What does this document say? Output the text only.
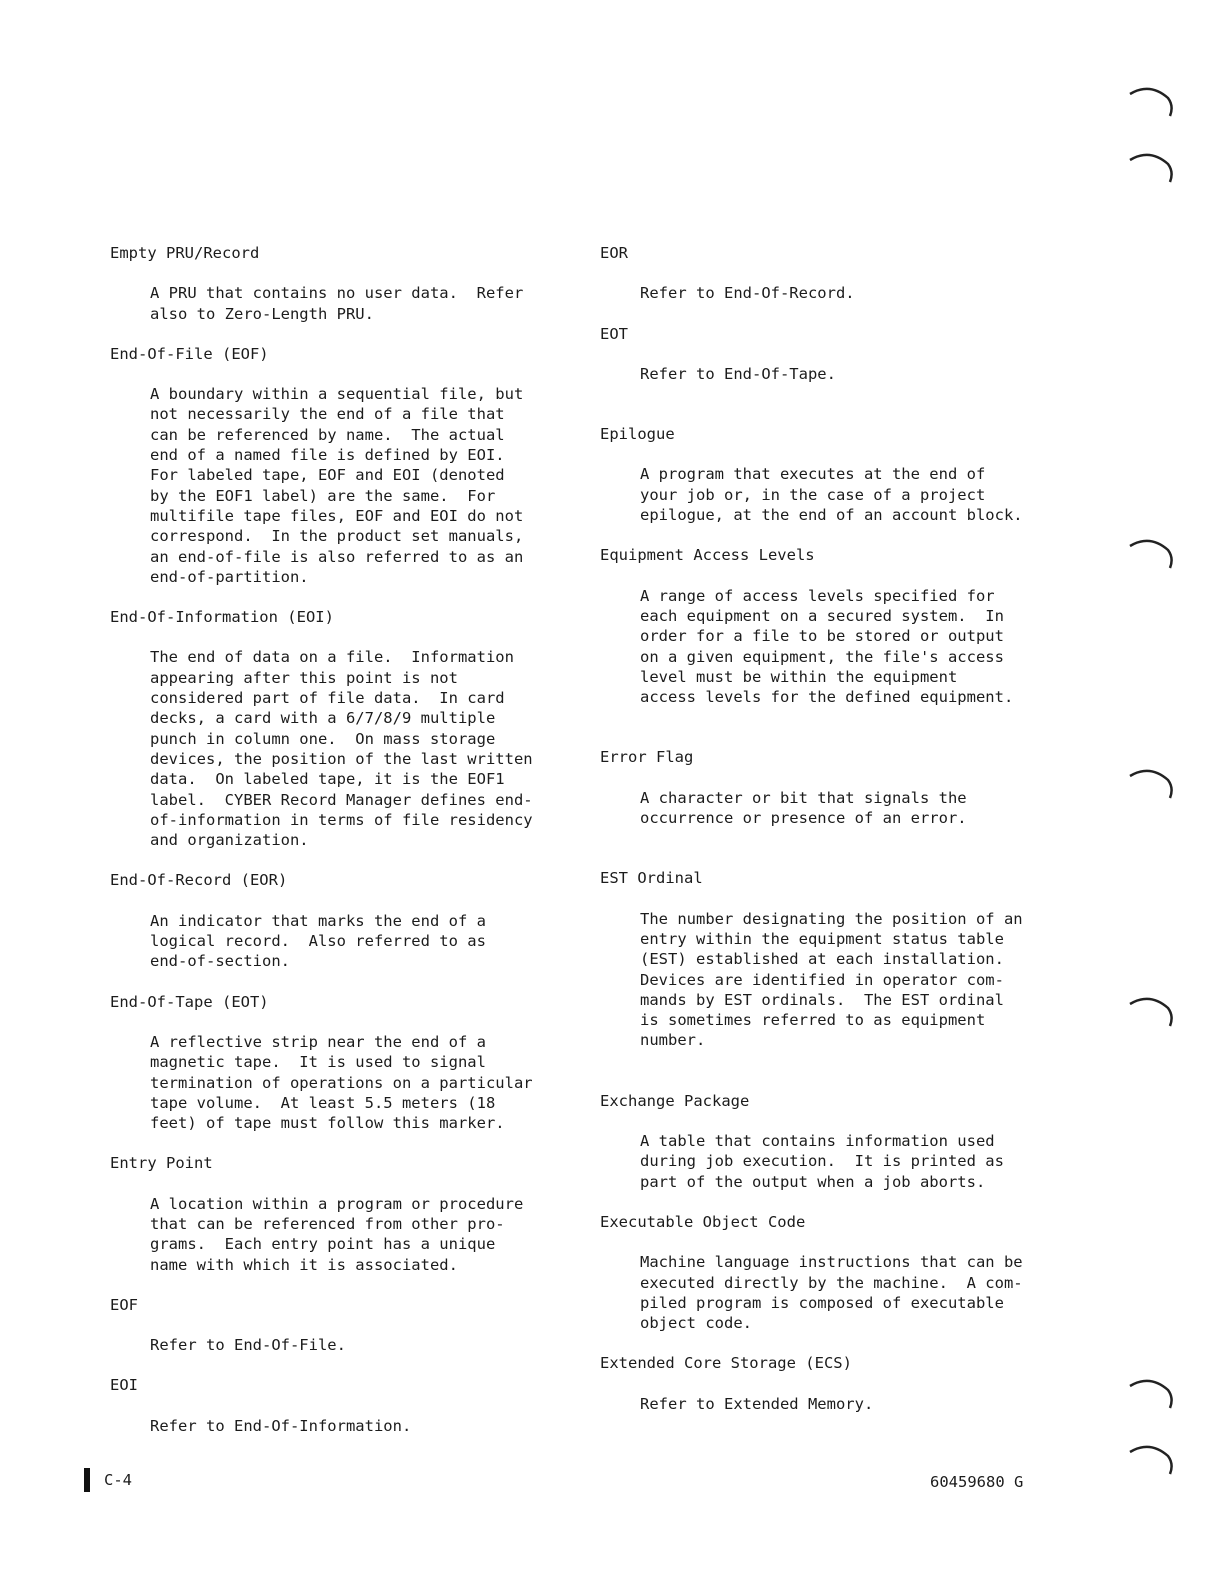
Empty PRU/Record
A PRU that contains no user data.  Refer
also to Zero-Length PRU.
End-Of-File (EOF)
A boundary within a sequential file, but
not necessarily the end of a file that
can be referenced by name.  The actual
end of a named file is defined by EOI.
For labeled tape, EOF and EOI (denoted
by the EOF1 label) are the same.  For
multifile tape files, EOF and EOI do not
correspond.  In the product set manuals,
an end-of-file is also referred to as an
end-of-partition.
End-Of-Information (EOI)
The end of data on a file.  Information
appearing after this point is not
considered part of file data.  In card
decks, a card with a 6/7/8/9 multiple
punch in column one.  On mass storage
devices, the position of the last written
data.  On labeled tape, it is the EOF1
label.  CYBER Record Manager defines end-
of-information in terms of file residency
and organization.
End-Of-Record (EOR)
An indicator that marks the end of a
logical record.  Also referred to as
end-of-section.
End-Of-Tape (EOT)
A reflective strip near the end of a
magnetic tape.  It is used to signal
termination of operations on a particular
tape volume.  At least 5.5 meters (18
feet) of tape must follow this marker.
Entry Point
A location within a program or procedure
that can be referenced from other pro-
grams.  Each entry point has a unique
name with which it is associated.
EOF
Refer to End-Of-File.
EOI
Refer to End-Of-Information.
EOR
Refer to End-Of-Record.
EOT
Refer to End-Of-Tape.
Epilogue
A program that executes at the end of
your job or, in the case of a project
epilogue, at the end of an account block.
Equipment Access Levels
A range of access levels specified for
each equipment on a secured system.  In
order for a file to be stored or output
on a given equipment, the file's access
level must be within the equipment
access levels for the defined equipment.
Error Flag
A character or bit that signals the
occurrence or presence of an error.
EST Ordinal
The number designating the position of an
entry within the equipment status table
(EST) established at each installation.
Devices are identified in operator com-
mands by EST ordinals.  The EST ordinal
is sometimes referred to as equipment
number.
Exchange Package
A table that contains information used
during job execution.  It is printed as
part of the output when a job aborts.
Executable Object Code
Machine language instructions that can be
executed directly by the machine.  A com-
piled program is composed of executable
object code.
Extended Core Storage (ECS)
Refer to Extended Memory.
C-4	60459680 G
